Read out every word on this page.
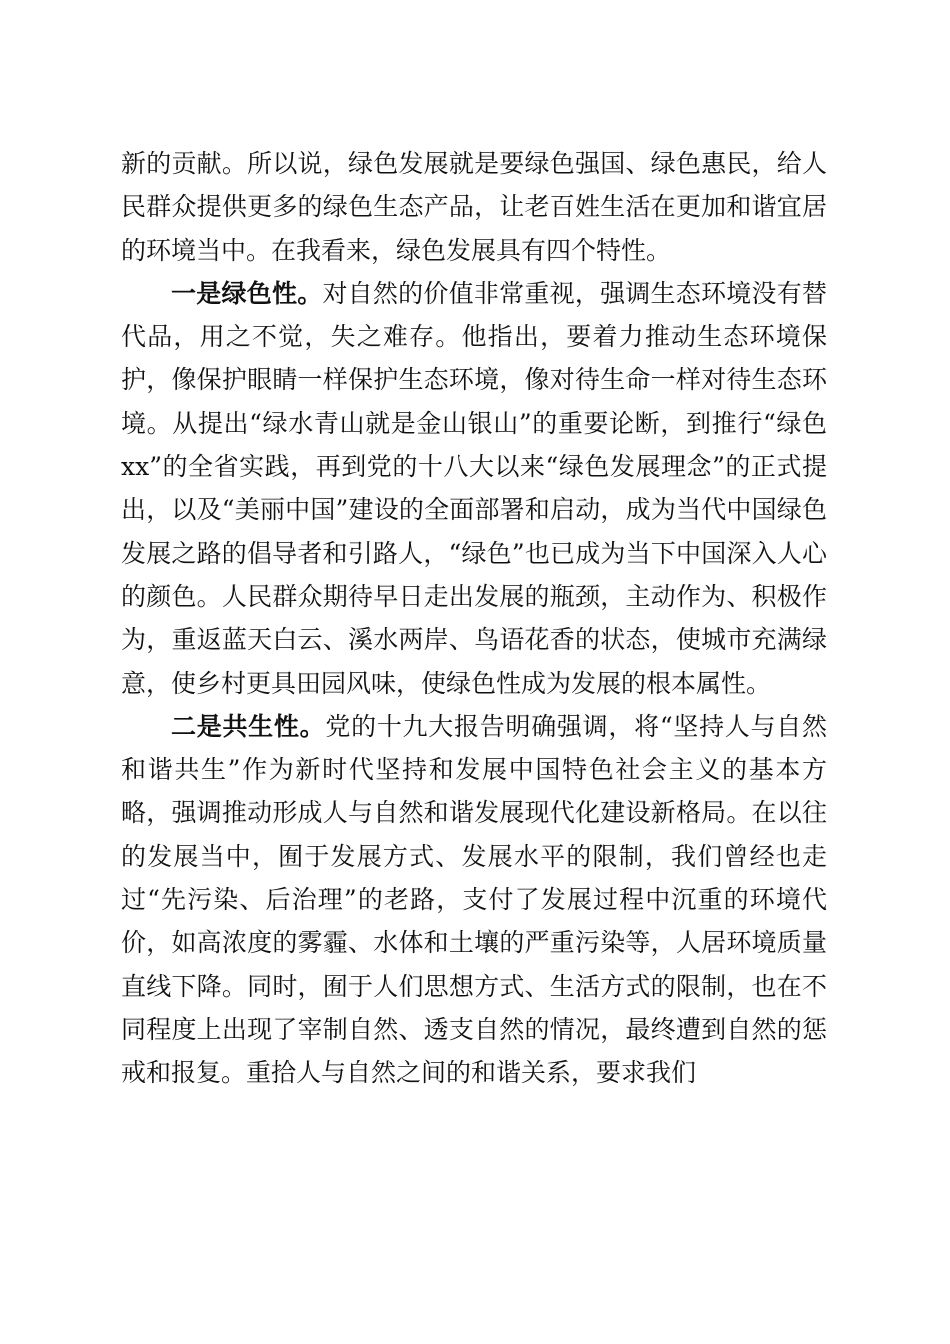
新的贡献。所以说，绿色发展就是要绿色强国、绿色惠民，给人民群众提供更多的绿色生态产品，让老百姓生活在更加和谐宜居的环境当中。在我看来，绿色发展具有四个特性。

一是绿色性。对自然的价值非常重视，强调生态环境没有替代品，用之不觉，失之难存。他指出，要着力推动生态环境保护，像保护眼睛一样保护生态环境，像对待生命一样对待生态环境。从提出“绿水青山就是金山银山”的重要论断，到推行“绿色xx”的全省实践，再到党的十八大以来“绿色发展理念”的正式提出，以及“美丽中国”建设的全面部署和启动，成为当代中国绿色发展之路的倡导者和引路人，“绿色”也已成为当下中国深入人心的颜色。人民群众期待早日走出发展的瓶颈，主动作为、积极作为，重返蓝天白云、溪水两岸、鸟语花香的状态，使城市充满绿意，使乡村更具田园风味，使绿色性成为发展的根本属性。

二是共生性。党的十九大报告明确强调，将“坚持人与自然和谐共生”作为新时代坚持和发展中国特色社会主义的基本方略，强调推动形成人与自然和谐发展现代化建设新格局。在以往的发展当中，囿于发展方式、发展水平的限制，我们曾经也走过“先污染、后治理”的老路，支付了发展过程中沉重的环境代价，如高浓度的雾霾、水体和土壤的严重污染等，人居环境质量直线下降。同时，囿于人们思想方式、生活方式的限制，也在不同程度上出现了宰制自然、透支自然的情况，最终遭到自然的惩戒和报复。重拾人与自然之间的和谐关系，要求我们
